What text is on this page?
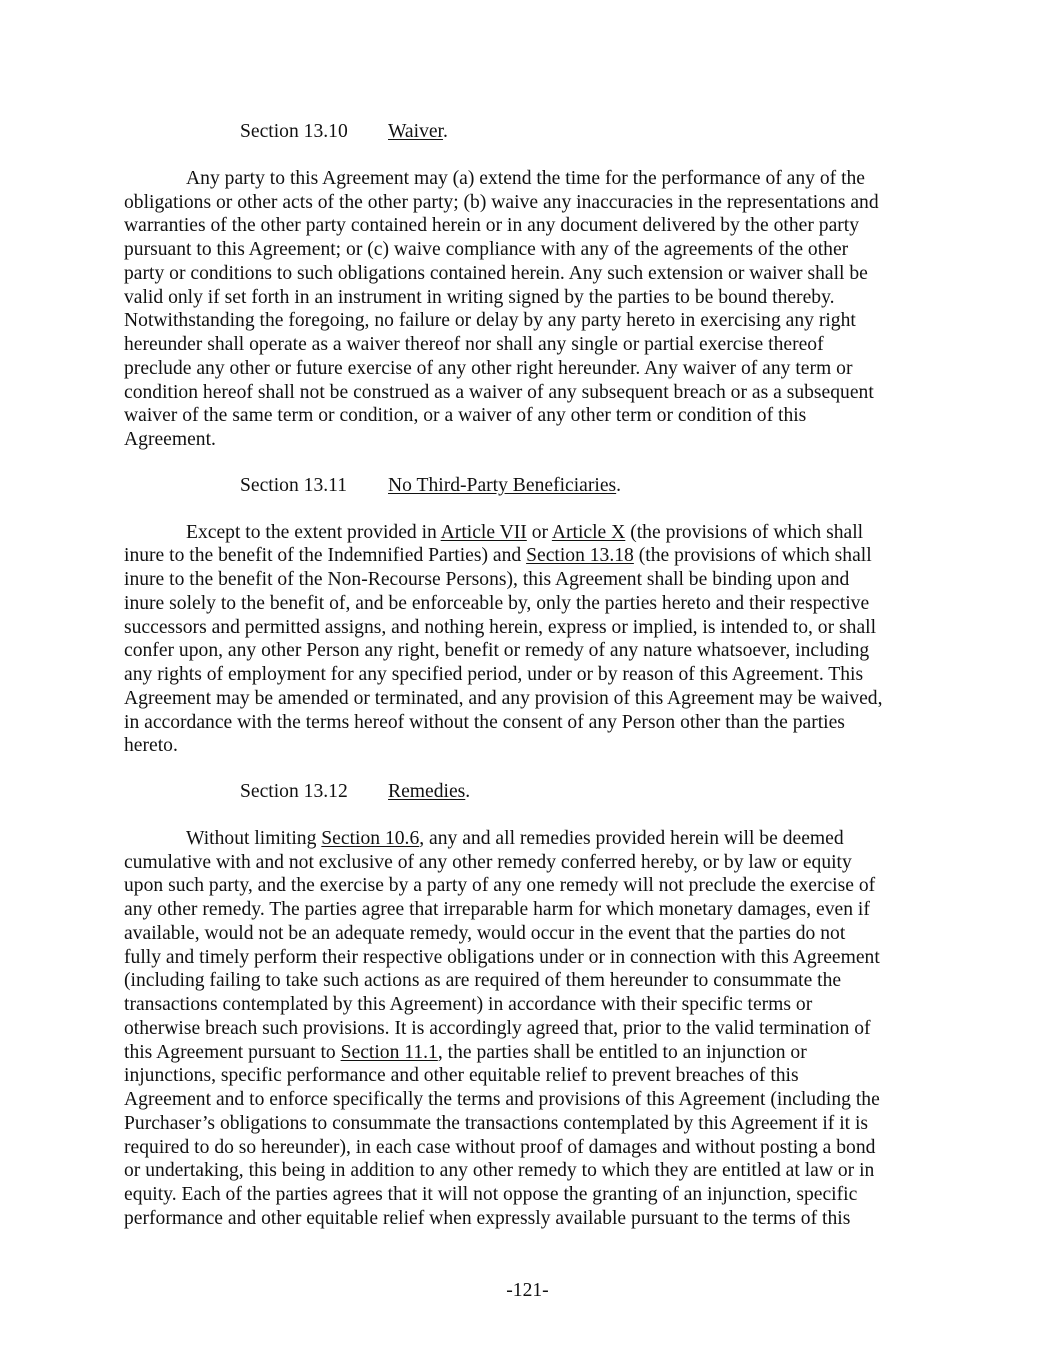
Section 13.10 Waiver.

Any party to this Agreement may (a) extend the time for the performance of any of the
obligations or other acts of the other party; (b) waive any inaccuracies in the representations and
warranties of the other party contained herein or in any document delivered by the other party
pursuant to this Agreement; or (c) waive compliance with any of the agreements of the other
party or conditions to such obligations contained herein. Any such extension or waiver shall be
valid only if set forth in an instrument in writing signed by the parties to be bound thereby.
Notwithstanding the foregoing, no failure or delay by any party hereto in exercising any right
hereunder shall operate as a waiver thereof nor shall any single or partial exercise thereof
preclude any other or future exercise of any other right hereunder. Any waiver of any term or
condition hereof shall not be construed as a waiver of any subsequent breach or as a subsequent
waiver of the same term or condition, or a waiver of any other term or condition of this
Agreement.

Section 13.11 No Third-Party Beneficiaries.

Except to the extent provided in Article VII or Article X (the provisions of which shall
inure to the benefit of the Indemnified Parties) and Section 13.18 (the provisions of which shall
inure to the benefit of the Non-Recourse Persons), this Agreement shall be binding upon and
inure solely to the benefit of, and be enforceable by, only the parties hereto and their respective
successors and permitted assigns, and nothing herein, express or implied, is intended to, or shall
confer upon, any other Person any right, benefit or remedy of any nature whatsoever, including
any rights of employment for any specified period, under or by reason of this Agreement. This
Agreement may be amended or terminated, and any provision of this Agreement may be waived,
in accordance with the terms hereof without the consent of any Person other than the parties
hereto.

Section 13.12 Remedies.

Without limiting Section 10.6, any and all remedies provided herein will be deemed
cumulative with and not exclusive of any other remedy conferred hereby, or by law or equity
upon such party, and the exercise by a party of any one remedy will not preclude the exercise of
any other remedy. The parties agree that irreparable harm for which monetary damages, even if
available, would not be an adequate remedy, would occur in the event that the parties do not
fully and timely perform their respective obligations under or in connection with this Agreement
(including failing to take such actions as are required of them hereunder to consummate the
transactions contemplated by this Agreement) in accordance with their specific terms or
otherwise breach such provisions. It is accordingly agreed that, prior to the valid termination of
this Agreement pursuant to Section 11.1, the parties shall be entitled to an injunction or
injunctions, specific performance and other equitable relief to prevent breaches of this
Agreement and to enforce specifically the terms and provisions of this Agreement (including the
Purchaser’s obligations to consummate the transactions contemplated by this Agreement if it is
required to do so hereunder), in each case without proof of damages and without posting a bond
or undertaking, this being in addition to any other remedy to which they are entitled at law or in
equity. Each of the parties agrees that it will not oppose the granting of an injunction, specific
performance and other equitable relief when expressly available pursuant to the terms of this
-121-
